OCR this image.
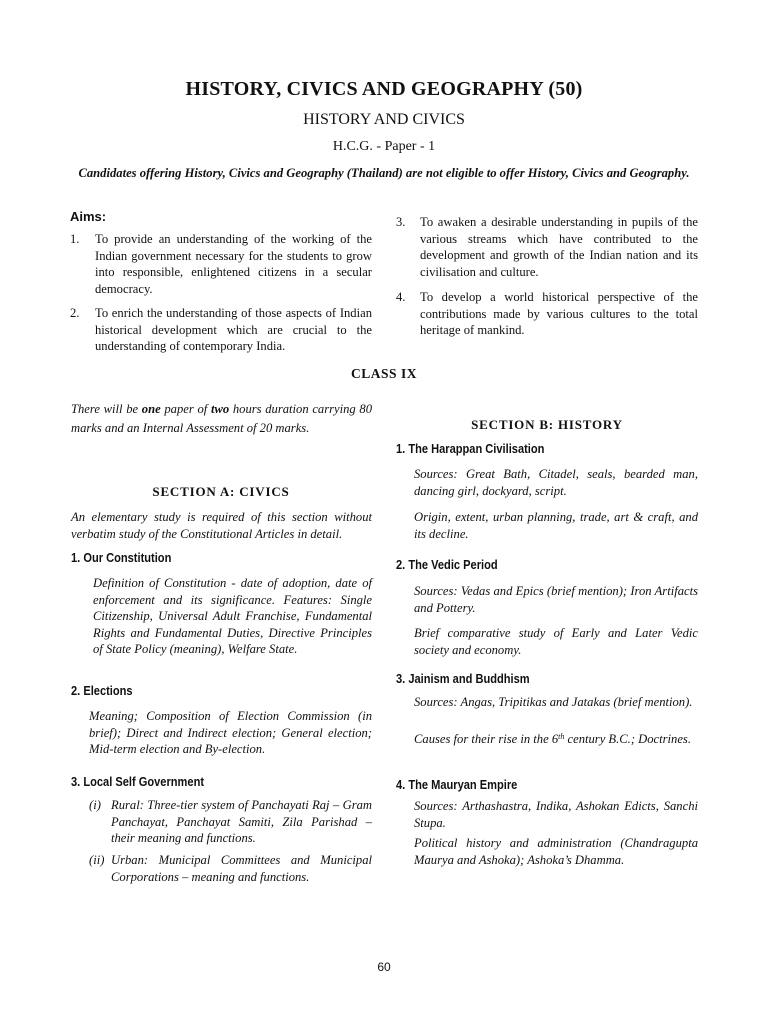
HISTORY, CIVICS AND GEOGRAPHY (50)
HISTORY AND CIVICS
H.C.G. - Paper - 1
Candidates offering History, Civics and Geography (Thailand) are not eligible to offer History, Civics and Geography.
Aims:
1. To provide an understanding of the working of the Indian government necessary for the students to grow into responsible, enlightened citizens in a secular democracy.
2. To enrich the understanding of those aspects of Indian historical development which are crucial to the understanding of contemporary India.
3. To awaken a desirable understanding in pupils of the various streams which have contributed to the development and growth of the Indian nation and its civilisation and culture.
4. To develop a world historical perspective of the contributions made by various cultures to the total heritage of mankind.
CLASS IX
There will be one paper of two hours duration carrying 80 marks and an Internal Assessment of 20 marks.
SECTION A: CIVICS
An elementary study is required of this section without verbatim study of the Constitutional Articles in detail.
1. Our Constitution
Definition of Constitution - date of adoption, date of enforcement and its significance. Features: Single Citizenship, Universal Adult Franchise, Fundamental Rights and Fundamental Duties, Directive Principles of State Policy (meaning), Welfare State.
2. Elections
Meaning; Composition of Election Commission (in brief); Direct and Indirect election; General election; Mid-term election and By-election.
3. Local Self Government
(i) Rural: Three-tier system of Panchayati Raj – Gram Panchayat, Panchayat Samiti, Zila Parishad – their meaning and functions.
(ii) Urban: Municipal Committees and Municipal Corporations – meaning and functions.
SECTION B: HISTORY
1. The Harappan Civilisation
Sources: Great Bath, Citadel, seals, bearded man, dancing girl, dockyard, script.
Origin, extent, urban planning, trade, art & craft, and its decline.
2. The Vedic Period
Sources: Vedas and Epics (brief mention); Iron Artifacts and Pottery.
Brief comparative study of Early and Later Vedic society and economy.
3. Jainism and Buddhism
Sources: Angas, Tripitikas and Jatakas (brief mention).
Causes for their rise in the 6th century B.C.; Doctrines.
4. The Mauryan Empire
Sources: Arthashastra, Indika, Ashokan Edicts, Sanchi Stupa.
Political history and administration (Chandragupta Maurya and Ashoka); Ashoka’s Dhamma.
60
